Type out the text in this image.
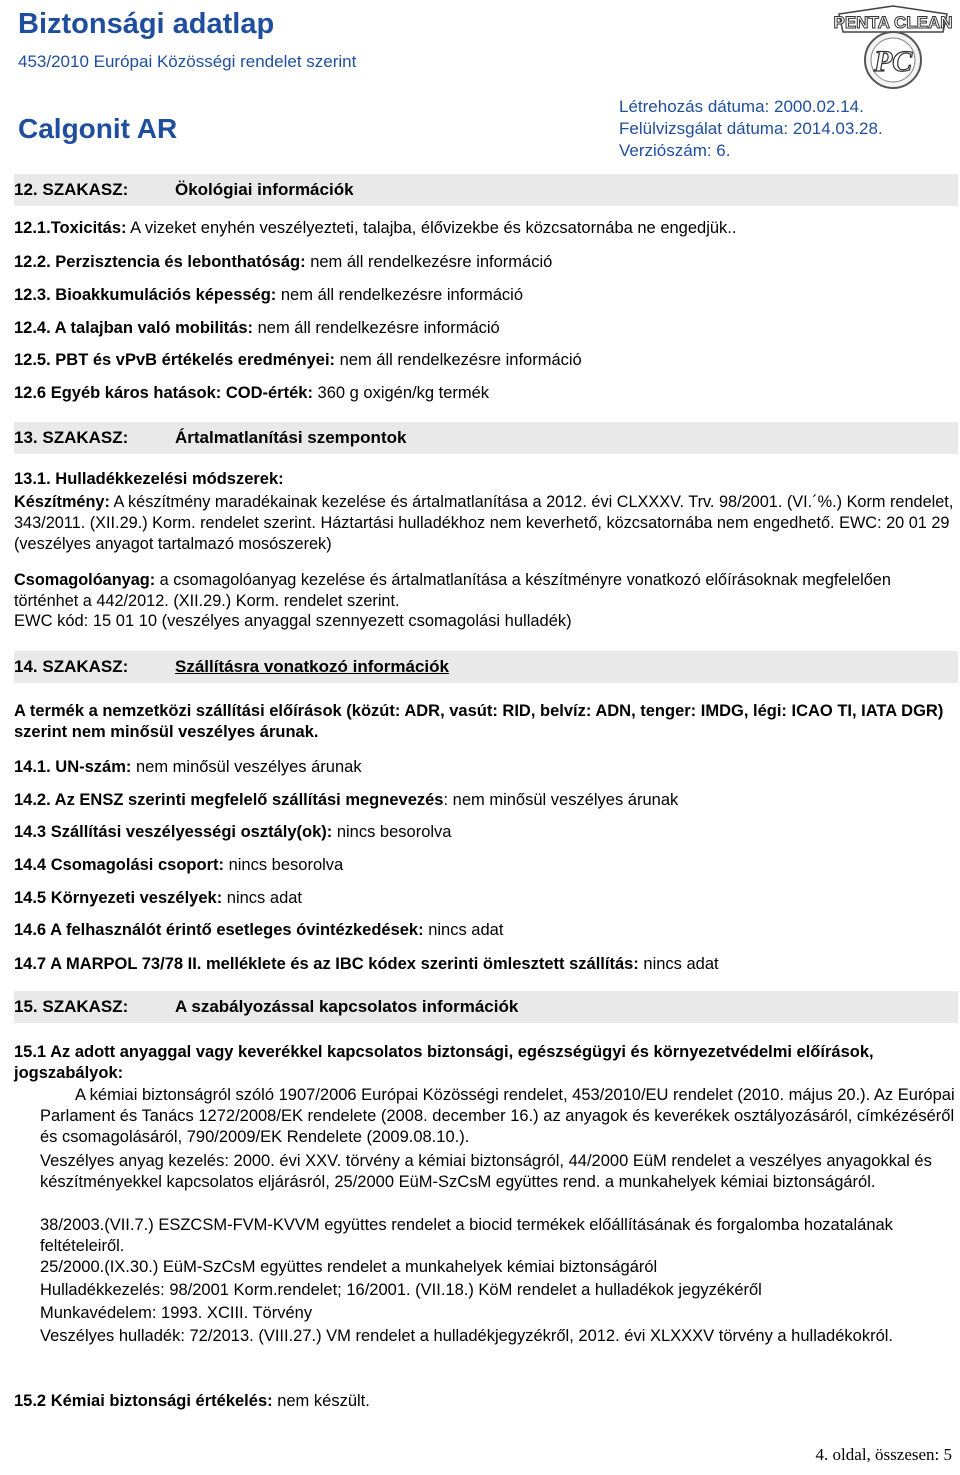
Biztonsági adatlap
453/2010 Európai Közösségi rendelet szerint
Calgonit AR
Létrehozás dátuma: 2000.02.14.
Felülvizsgálat dátuma: 2014.03.28.
Verziószám: 6.
PENTA CLEAN
PC
12. SZAKASZ:	Ökológiai információk
12.1.Toxicitás: A vizeket enyhén veszélyezteti, talajba, élővizekbe és közcsatornába ne engedjük..
12.2. Perzisztencia és lebonthatóság: nem áll rendelkezésre információ
12.3. Bioakkumulációs képesség: nem áll rendelkezésre információ
12.4. A talajban való mobilitás: nem áll rendelkezésre információ
12.5. PBT és vPvB értékelés eredményei: nem áll rendelkezésre információ
12.6 Egyéb káros hatások: COD-érték: 360 g oxigén/kg termék
13. SZAKASZ:	Ártalmatlanítási szempontok
13.1. Hulladékkezelési módszerek:
Készítmény: A készítmény maradékainak kezelése és ártalmatlanítása a 2012. évi CLXXXV. Trv. 98/2001. (VI.´%.) Korm rendelet, 343/2011. (XII.29.) Korm. rendelet szerint. Háztartási hulladékhoz nem keverhető, közcsatornába nem engedhető. EWC: 20 01 29 (veszélyes anyagot tartalmazó mosószerek)
Csomagolóanyag: a csomagolóanyag kezelése és ártalmatlanítása a készítményre vonatkozó előírásoknak megfelelően történhet a 442/2012. (XII.29.) Korm. rendelet szerint.
EWC kód: 15 01 10 (veszélyes anyaggal szennyezett csomagolási hulladék)
14. SZAKASZ:	Szállításra vonatkozó információk
A termék a nemzetközi szállítási előírások (közút: ADR, vasút: RID, belvíz: ADN, tenger: IMDG, légi: ICAO TI, IATA DGR) szerint nem minősül veszélyes árunak.
14.1. UN-szám: nem minősül veszélyes árunak
14.2. Az ENSZ szerinti megfelelő szállítási megnevezés: nem minősül veszélyes árunak
14.3 Szállítási veszélyességi osztály(ok): nincs besorolva
14.4 Csomagolási csoport: nincs besorolva
14.5 Környezeti veszélyek: nincs adat
14.6 A felhasználót érintő esetleges óvintézkedések: nincs adat
14.7 A MARPOL 73/78 II. melléklete és az IBC kódex szerinti ömlesztett szállítás: nincs adat
15. SZAKASZ:	A szabályozással kapcsolatos információk
15.1 Az adott anyaggal vagy keverékkel kapcsolatos biztonsági, egészségügyi és környezetvédelmi előírások, jogszabályok:
A kémiai biztonságról szóló 1907/2006 Európai Közösségi rendelet, 453/2010/EU rendelet (2010. május 20.). Az Európai Parlament és Tanács 1272/2008/EK rendelete (2008. december 16.) az anyagok és keverékek osztályozásáról, címkézéséről és csomagolásáról, 790/2009/EK Rendelete (2009.08.10.).
Veszélyes anyag kezelés: 2000. évi XXV. törvény a kémiai biztonságról, 44/2000 EüM rendelet a veszélyes anyagokkal és készítményekkel kapcsolatos eljárásról, 25/2000 EüM-SzCsM együttes rend. a munkahelyek kémiai biztonságáról.
38/2003.(VII.7.) ESZCSM-FVM-KVVM együttes rendelet a biocid termékek előállításának és forgalomba hozatalának feltételeiről.
25/2000.(IX.30.) EüM-SzCsM együttes rendelet a munkahelyek kémiai biztonságáról
Hulladékkezelés: 98/2001 Korm.rendelet; 16/2001. (VII.18.) KöM rendelet a hulladékok jegyzékéről
Munkavédelem: 1993. XCIII. Törvény
Veszélyes hulladék: 72/2013. (VIII.27.) VM rendelet a hulladékjegyzékről, 2012. évi XLXXXV törvény a hulladékokról.
15.2 Kémiai biztonsági értékelés: nem készült.
4. oldal, összesen: 5
